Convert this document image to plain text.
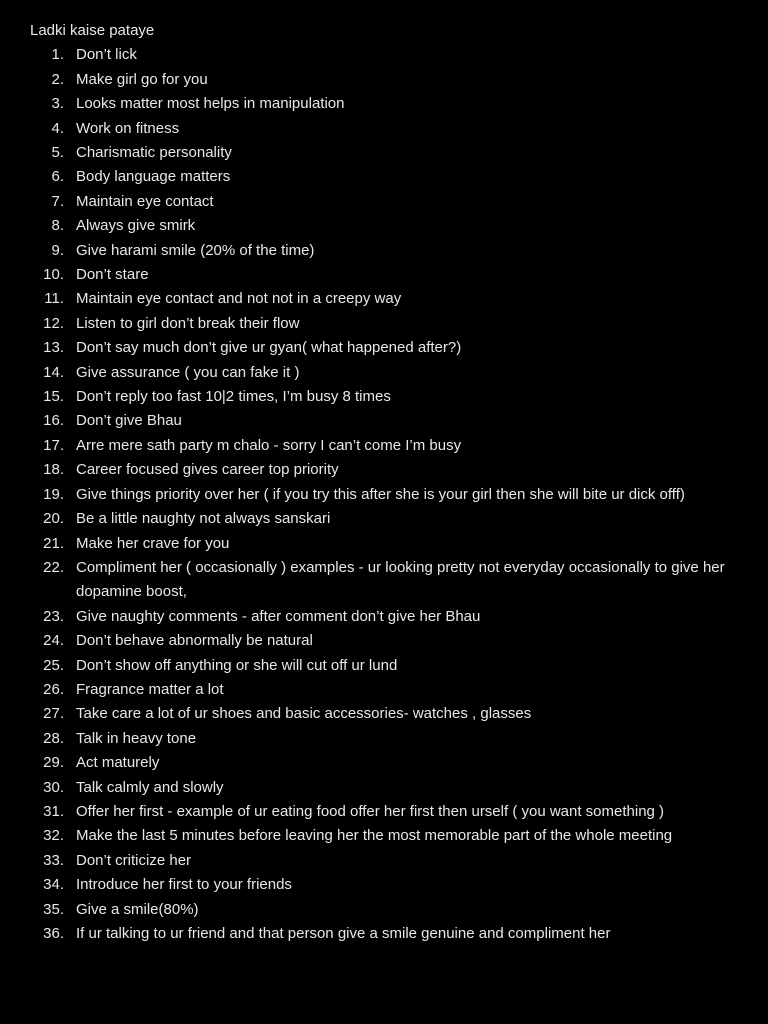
Ladki kaise pataye
1. Don’t lick
2. Make girl go for you
3. Looks matter most helps in manipulation
4. Work on fitness
5. Charismatic personality
6. Body language matters
7. Maintain eye contact
8. Always give smirk
9. Give harami smile (20% of the time)
10. Don’t stare
11. Maintain eye contact and not not in a creepy way
12. Listen to girl don’t break their flow
13. Don’t say much don’t give ur gyan( what happened after?)
14. Give assurance ( you can fake it )
15. Don’t reply too fast 10|2 times, I’m busy 8 times
16. Don’t give Bhau
17. Arre mere sath party m chalo - sorry I can’t come I’m busy
18. Career focused gives career top priority
19. Give things priority over her ( if you try this after she is your girl then she will bite ur dick offf)
20. Be a little naughty not always sanskari
21. Make her crave for you
22. Compliment her ( occasionally ) examples - ur looking pretty not everyday occasionally to give her dopamine boost,
23. Give naughty comments - after comment don’t give her Bhau
24. Don’t behave abnormally be natural
25. Don’t show off anything or she will cut off ur lund
26. Fragrance matter a lot
27. Take care a lot of ur shoes and basic accessories- watches , glasses
28. Talk in heavy tone
29. Act maturely
30. Talk calmly and slowly
31. Offer her first - example of ur eating food offer her first then urself ( you want something )
32. Make the last 5 minutes before leaving her the most memorable part of the whole meeting
33. Don’t criticize her
34. Introduce her first to your friends
35. Give a smile(80%)
36. If ur talking to ur friend and that person give a smile genuine and compliment her
